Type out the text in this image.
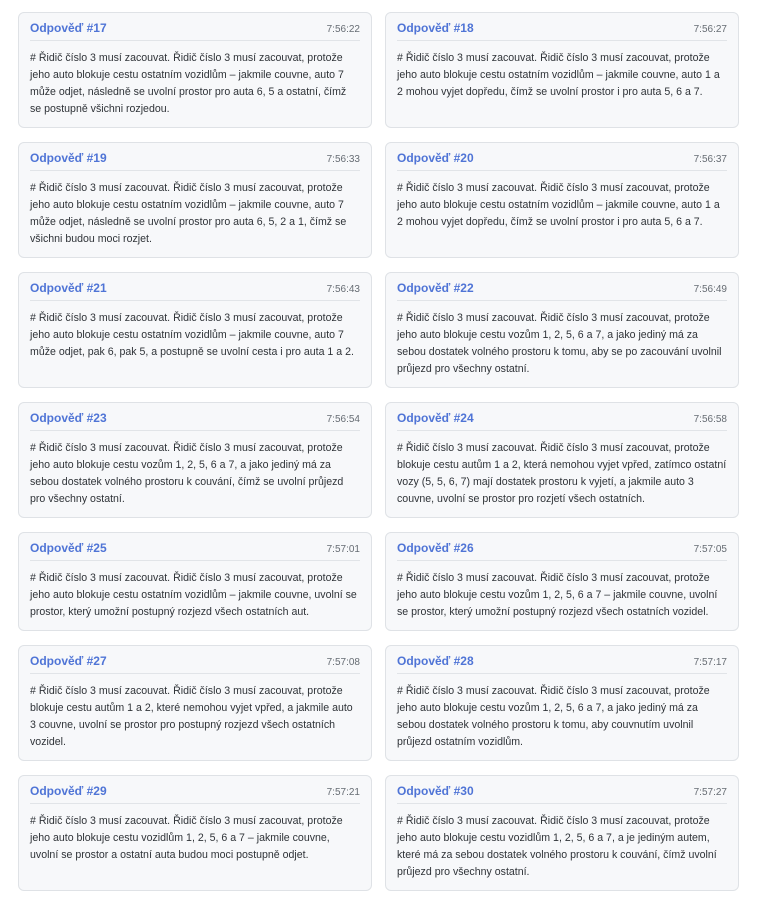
Odpověď #17	7:56:22

# Řidič číslo 3 musí zacouvat. Řidič číslo 3 musí zacouvat, protože jeho auto blokuje cestu ostatním vozidlům – jakmile couvne, auto 7 může odjet, následně se uvolní prostor pro auta 6, 5 a ostatní, čímž se postupně všichni rozjedou.

Odpověď #18	7:56:27

# Řidič číslo 3 musí zacouvat. Řidič číslo 3 musí zacouvat, protože jeho auto blokuje cestu ostatním vozidlům – jakmile couvne, auto 1 a 2 mohou vyjet dopředu, čímž se uvolní prostor i pro auta 5, 6 a 7.

Odpověď #19	7:56:33

# Řidič číslo 3 musí zacouvat. Řidič číslo 3 musí zacouvat, protože jeho auto blokuje cestu ostatním vozidlům – jakmile couvne, auto 7 může odjet, následně se uvolní prostor pro auta 6, 5, 2 a 1, čímž se všichni budou moci rozjet.

Odpověď #20	7:56:37

# Řidič číslo 3 musí zacouvat. Řidič číslo 3 musí zacouvat, protože jeho auto blokuje cestu ostatním vozidlům – jakmile couvne, auto 1 a 2 mohou vyjet dopředu, čímž se uvolní prostor i pro auta 5, 6 a 7.

Odpověď #21	7:56:43

# Řidič číslo 3 musí zacouvat. Řidič číslo 3 musí zacouvat, protože jeho auto blokuje cestu ostatním vozidlům – jakmile couvne, auto 7 může odjet, pak 6, pak 5, a postupně se uvolní cesta i pro auta 1 a 2.

Odpověď #22	7:56:49

# Řidič číslo 3 musí zacouvat. Řidič číslo 3 musí zacouvat, protože jeho auto blokuje cestu vozům 1, 2, 5, 6 a 7, a jako jediný má za sebou dostatek volného prostoru k tomu, aby se po zacouvání uvolnil průjezd pro všechny ostatní.

Odpověď #23	7:56:54

# Řidič číslo 3 musí zacouvat. Řidič číslo 3 musí zacouvat, protože jeho auto blokuje cestu vozům 1, 2, 5, 6 a 7, a jako jediný má za sebou dostatek volného prostoru k couvání, čímž se uvolní průjezd pro všechny ostatní.

Odpověď #24	7:56:58

# Řidič číslo 3 musí zacouvat. Řidič číslo 3 musí zacouvat, protože blokuje cestu autům 1 a 2, která nemohou vyjet vpřed, zatímco ostatní vozy (5, 5, 6, 7) mají dostatek prostoru k vyjetí, a jakmile auto 3 couvne, uvolní se prostor pro rozjetí všech ostatních.

Odpověď #25	7:57:01

# Řidič číslo 3 musí zacouvat. Řidič číslo 3 musí zacouvat, protože jeho auto blokuje cestu ostatním vozidlům – jakmile couvne, uvolní se prostor, který umožní postupný rozjezd všech ostatních aut.

Odpověď #26	7:57:05

# Řidič číslo 3 musí zacouvat. Řidič číslo 3 musí zacouvat, protože jeho auto blokuje cestu vozům 1, 2, 5, 6 a 7 – jakmile couvne, uvolní se prostor, který umožní postupný rozjezd všech ostatních vozidel.

Odpověď #27	7:57:08

# Řidič číslo 3 musí zacouvat. Řidič číslo 3 musí zacouvat, protože blokuje cestu autům 1 a 2, které nemohou vyjet vpřed, a jakmile auto 3 couvne, uvolní se prostor pro postupný rozjezd všech ostatních vozidel.

Odpověď #28	7:57:17

# Řidič číslo 3 musí zacouvat. Řidič číslo 3 musí zacouvat, protože jeho auto blokuje cestu vozům 1, 2, 5, 6 a 7, a jako jediný má za sebou dostatek volného prostoru k tomu, aby couvnutím uvolnil průjezd ostatním vozidlům.

Odpověď #29	7:57:21

# Řidič číslo 3 musí zacouvat. Řidič číslo 3 musí zacouvat, protože jeho auto blokuje cestu vozidlům 1, 2, 5, 6 a 7 – jakmile couvne, uvolní se prostor a ostatní auta budou moci postupně odjet.

Odpověď #30	7:57:27

# Řidič číslo 3 musí zacouvat. Řidič číslo 3 musí zacouvat, protože jeho auto blokuje cestu vozidlům 1, 2, 5, 6 a 7, a je jediným autem, které má za sebou dostatek volného prostoru k couvání, čímž uvolní průjezd pro všechny ostatní.
